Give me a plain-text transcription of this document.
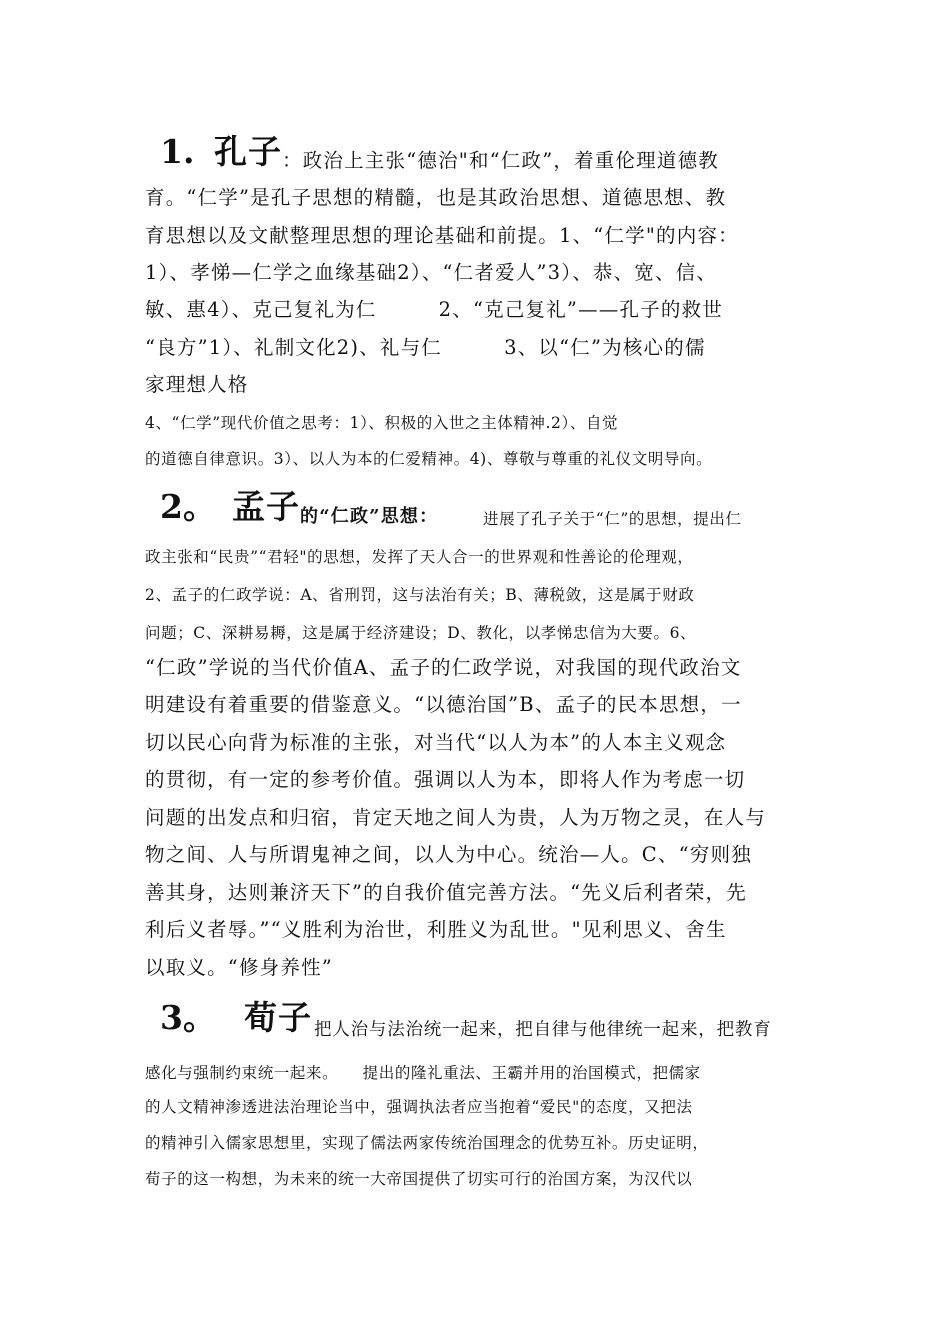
1. 孔子 ：政治上主张“德治"和“仁政”，着重伦理道德教
育。“仁学”是孔子思想的精髓，也是其政治思想、道德思想、教
育思想以及文献整理思想的理论基础和前提。1、“仁学"的内容：
1）、孝悌—仁学之血缘基础2）、“仁者爱人”3）、恭、宽、信、
敏、惠4）、克己复礼为仁　　　2、“克己复礼”——孔子的救世
“良方”1）、礼制文化2)、礼与仁　　　3、以“仁”为核心的儒
家理想人格
4、“仁学”现代价值之思考：1）、积极的入世之主体精神.2）、自觉
的道德自律意识。3）、以人为本的仁爱精神。4)、尊敬与尊重的礼仪文明导向。
2。 孟子 的“仁政”思想：	进展了孔子关于“仁”的思想，提出仁
政主张和“民贵”“君轻"的思想，发挥了天人合一的世界观和性善论的伦理观，
2、孟子的仁政学说：A、省刑罚，这与法治有关；B、薄税敛，这是属于财政
问题；C、深耕易耨，这是属于经济建设；D、教化，以孝悌忠信为大要。6、
“仁政”学说的当代价值A、孟子的仁政学说，对我国的现代政治文
明建设有着重要的借鉴意义。“以德治国”B、孟子的民本思想，一
切以民心向背为标准的主张，对当代“以人为本”的人本主义观念
的贯彻，有一定的参考价值。强调以人为本，即将人作为考虑一切
问题的出发点和归宿，肯定天地之间人为贵，人为万物之灵，在人与
物之间、人与所谓鬼神之间，以人为中心。统治—人。C、“穷则独
善其身，达则兼济天下”的自我价值完善方法。“先义后利者荣，先
利后义者辱。”“义胜利为治世，利胜义为乱世。"见利思义、舍生
以取义。“修身养性”
3。 荀子 把人治与法治统一起来，把自律与他律统一起来，把教育
感化与强制约束统一起来。　　提出的隆礼重法、王霸并用的治国模式，把儒家
的人文精神渗透进法治理论当中，强调执法者应当抱着“爱民"的态度，又把法
的精神引入儒家思想里，实现了儒法两家传统治国理念的优势互补。历史证明，
荀子的这一构想，为未来的统一大帝国提供了切实可行的治国方案，为汉代以
